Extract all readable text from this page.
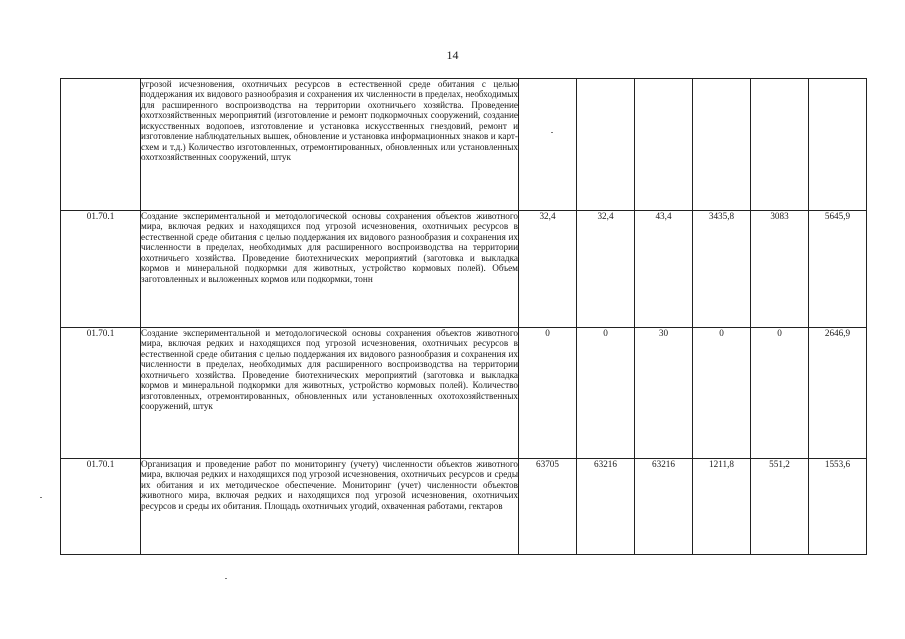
14
	угрозой исчезновения, охотничьих ресурсов в естественной среде обитания с целью поддержания их видового разнообразия и сохранения их численности в пределах, необходимых для расширенного воспроизводства на территории охотничьего хозяйства. Проведение охотхозяйственных мероприятий (изготовление и ремонт подкормочных сооружений, создание искусственных водопоев, изготовление и установка искусственных гнездовий, ремонт и изготовление наблюдательных вышек, обновление и установка информационных знаков и карт-схем и т.д.) Количество изготовленных, отремонтированных, обновленных или установленных охотхозяйственных сооружений, штук						
01.70.1	Создание экспериментальной и методологической основы сохранения объектов животного мира, включая редких и находящихся под угрозой исчезновения, охотничьих ресурсов в естественной среде обитания с целью поддержания их видового разнообразия и сохранения их численности в пределах, необходимых для расширенного воспроизводства на территории охотничьего хозяйства. Проведение биотехнических мероприятий (заготовка и выкладка кормов и минеральной подкормки для животных, устройство кормовых полей). Объем заготовленных и выложенных кормов или подкормки, тонн	32,4	32,4	43,4	3435,8	3083	5645,9
01.70.1	Создание экспериментальной и методологической основы сохранения объектов животного мира, включая редких и находящихся под угрозой исчезновения, охотничьих ресурсов в естественной среде обитания с целью поддержания их видового разнообразия и сохранения их численности в пределах, необходимых для расширенного воспроизводства на территории охотничьего хозяйства. Проведение биотехнических мероприятий (заготовка и выкладка кормов и минеральной подкормки для животных, устройство кормовых полей). Количество изготовленных, отремонтированных, обновленных или установленных охотохозяйственных сооружений, штук	0	0	30	0	0	2646,9
01.70.1	Организация и проведение работ по мониторингу (учету) численности объектов животного мира, включая редких и находящихся под угрозой исчезновения, охотничьих ресурсов и среды их обитания и их методическое обеспечение. Мониторинг (учет) численности объектов животного мира, включая редких и находящихся под угрозой исчезновения, охотничьих ресурсов и среды их обитания. Площадь охотничьих угодий, охваченная работами, гектаров	63705	63216	63216	1211,8	551,2	1553,6
